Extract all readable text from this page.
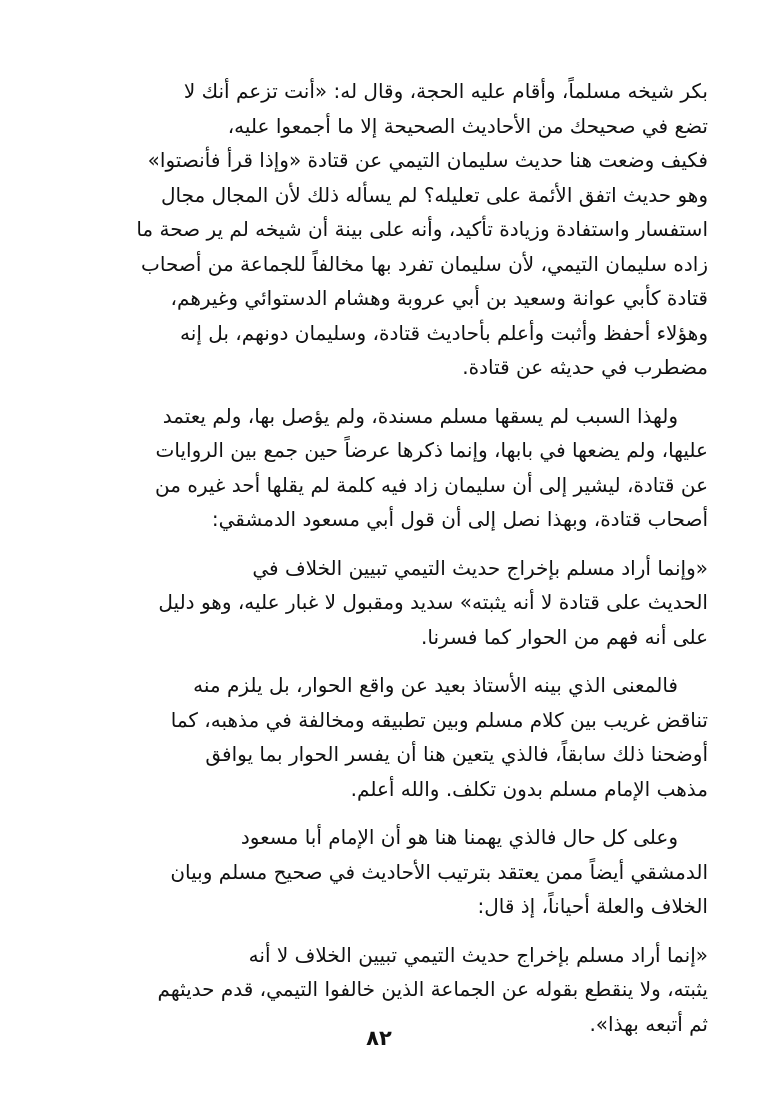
بكر شيخه مسلماً، وأقام عليه الحجة، وقال له: «أنت تزعم أنك لا
تضع في صحيحك من الأحاديث الصحيحة إلا ما أجمعوا عليه،
فكيف وضعت هنا حديث سليمان التيمي عن قتادة «وإذا قرأ فأنصتوا»
وهو حديث اتفق الأئمة على تعليله؟ لم يسأله ذلك لأن المجال مجال
استفسار واستفادة وزيادة تأكيد، وأنه على بينة أن شيخه لم ير صحة ما
زاده سليمان التيمي، لأن سليمان تفرد بها مخالفاً للجماعة من أصحاب
قتادة كأبي عوانة وسعيد بن أبي عروبة وهشام الدستوائي وغيرهم،
وهؤلاء أحفظ وأثبت وأعلم بأحاديث قتادة، وسليمان دونهم، بل إنه
مضطرب في حديثه عن قتادة.

ولهذا السبب لم يسقها مسلم مسندة، ولم يؤصل بها، ولم يعتمد
عليها، ولم يضعها في بابها، وإنما ذكرها عرضاً حين جمع بين الروايات
عن قتادة، ليشير إلى أن سليمان زاد فيه كلمة لم يقلها أحد غيره من
أصحاب قتادة، وبهذا نصل إلى أن قول أبي مسعود الدمشقي:

«وإنما أراد مسلم بإخراج حديث التيمي تبيين الخلاف في
الحديث على قتادة لا أنه يثبته» سديد ومقبول لا غبار عليه، وهو دليل
على أنه فهم من الحوار كما فسرنا.

فالمعنى الذي بينه الأستاذ بعيد عن واقع الحوار، بل يلزم منه
تناقض غريب بين كلام مسلم وبين تطبيقه ومخالفة في مذهبه، كما
أوضحنا ذلك سابقاً، فالذي يتعين هنا أن يفسر الحوار بما يوافق
مذهب الإمام مسلم بدون تكلف. والله أعلم.

وعلى كل حال فالذي يهمنا هنا هو أن الإمام أبا مسعود
الدمشقي أيضاً ممن يعتقد بترتيب الأحاديث في صحيح مسلم وبيان
الخلاف والعلة أحياناً، إذ قال:

«إنما أراد مسلم بإخراج حديث التيمي تبيين الخلاف لا أنه
يثبته، ولا ينقطع بقوله عن الجماعة الذين خالفوا التيمي، قدم حديثهم
ثم أتبعه بهذا».

٨٢
